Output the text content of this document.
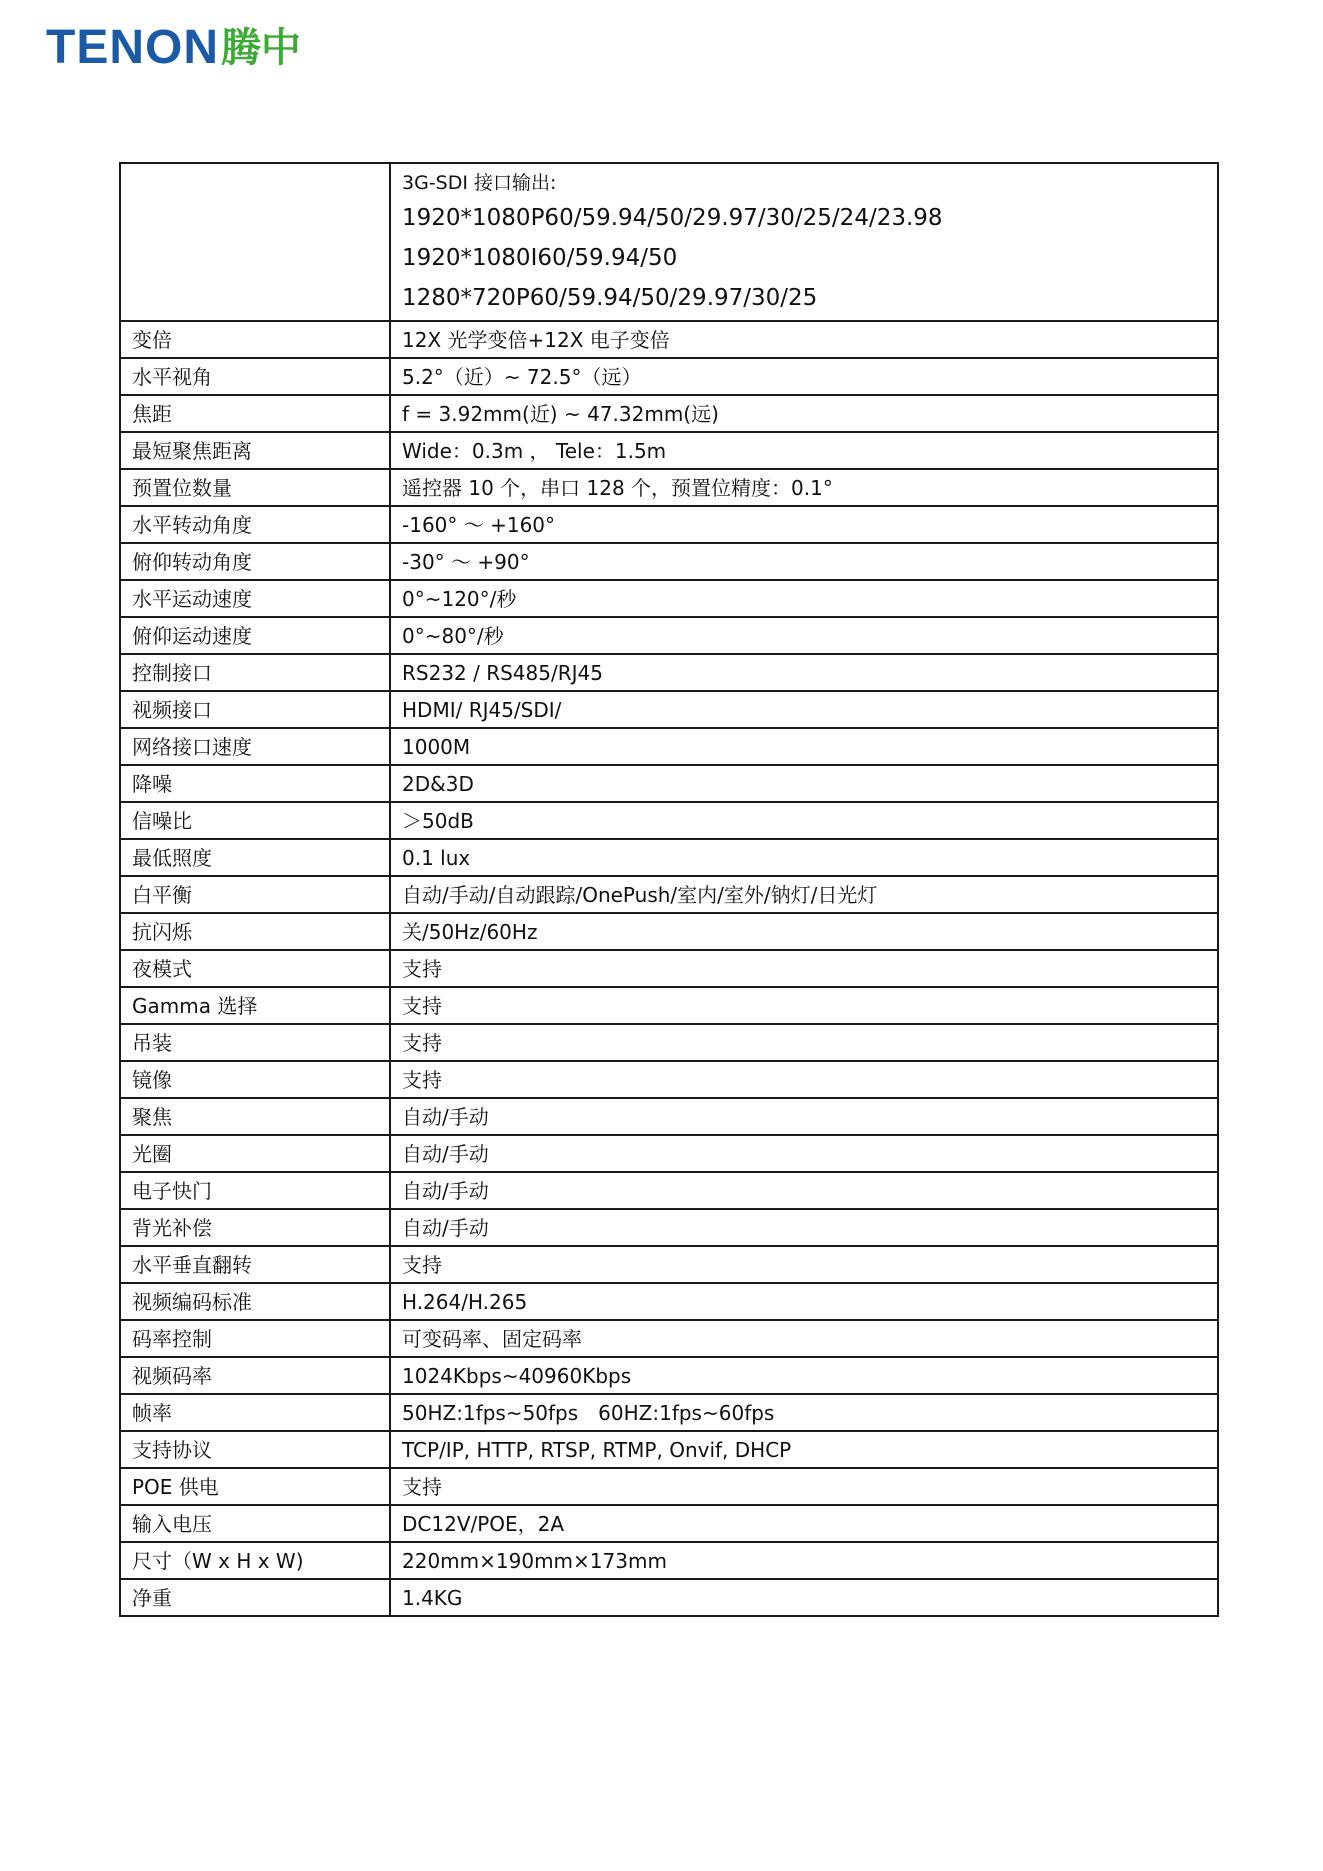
TENON 腾中

	3G-SDI 接口输出:
1920*1080P60/59.94/50/29.97/30/25/24/23.98
1920*1080I60/59.94/50
1280*720P60/59.94/50/29.97/30/25

变倍	12X 光学变倍+12X 电子变倍
水平视角	5.2°（近）~ 72.5°（远）
焦距	f = 3.92mm(近) ~ 47.32mm(远)
最短聚焦距离	Wide：0.3m ， Tele：1.5m
预置位数量	遥控器 10 个，串口 128 个，预置位精度：0.1°
水平转动角度	-160° ～ +160°
俯仰转动角度	-30° ～ +90°
水平运动速度	0°~120°/秒
俯仰运动速度	0°~80°/秒
控制接口	RS232 / RS485/RJ45
视频接口	HDMI/ RJ45/SDI/
网络接口速度	1000M
降噪	2D&3D
信噪比	＞50dB
最低照度	0.1 lux
白平衡	自动/手动/自动跟踪/OnePush/室内/室外/钠灯/日光灯
抗闪烁	关/50Hz/60Hz
夜模式	支持
Gamma 选择	支持
吊装	支持
镜像	支持
聚焦	自动/手动
光圈	自动/手动
电子快门	自动/手动
背光补偿	自动/手动
水平垂直翻转	支持
视频编码标准	H.264/H.265
码率控制	可变码率、固定码率
视频码率	1024Kbps~40960Kbps
帧率	50HZ:1fps~50fps　60HZ:1fps~60fps
支持协议	TCP/IP, HTTP, RTSP, RTMP, Onvif, DHCP
POE 供电	支持
输入电压	DC12V/POE，2A
尺寸（W x H x W)	220mm×190mm×173mm
净重	1.4KG
